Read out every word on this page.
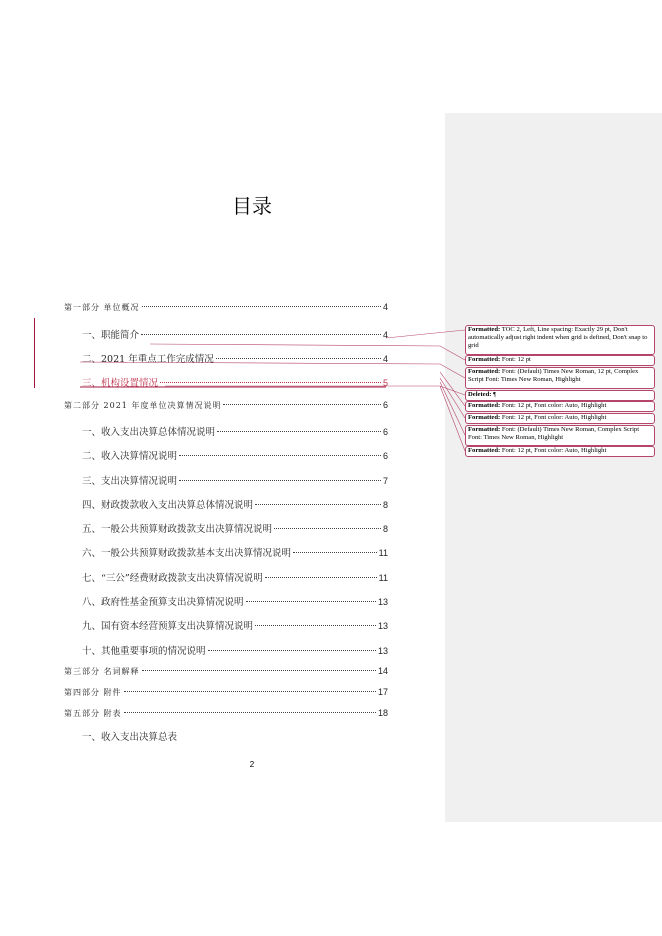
目录
第一部分 单位概况	4
一、职能简介	4
二、2021 年重点工作完成情况	4
三、机构设置情况	5
第二部分 2021 年度单位决算情况说明	6
一、收入支出决算总体情况说明	6
二、收入决算情况说明	6
三、支出决算情况说明	7
四、财政拨款收入支出决算总体情况说明	8
五、一般公共预算财政拨款支出决算情况说明	8
六、一般公共预算财政拨款基本支出决算情况说明	11
七、“三公”经费财政拨款支出决算情况说明	11
八、政府性基金预算支出决算情况说明	13
九、国有资本经营预算支出决算情况说明	13
十、其他重要事项的情况说明	13
第三部分 名词解释	14
第四部分 附件	17
第五部分 附表	18
一、收入支出决算总表
2
Formatted: TOC 2, Left, Line spacing: Exactly 29 pt, Don't automatically adjust right indent when grid is defined, Don't snap to grid
Formatted: Font: 12 pt
Formatted: Font: (Default) Times New Roman, 12 pt, Complex Script Font: Times New Roman, Highlight
Deleted: ¶
Formatted: Font: 12 pt, Font color: Auto, Highlight
Formatted: Font: 12 pt, Font color: Auto, Highlight
Formatted: Font: (Default) Times New Roman, Complex Script Font: Times New Roman, Highlight
Formatted: Font: 12 pt, Font color: Auto, Highlight
